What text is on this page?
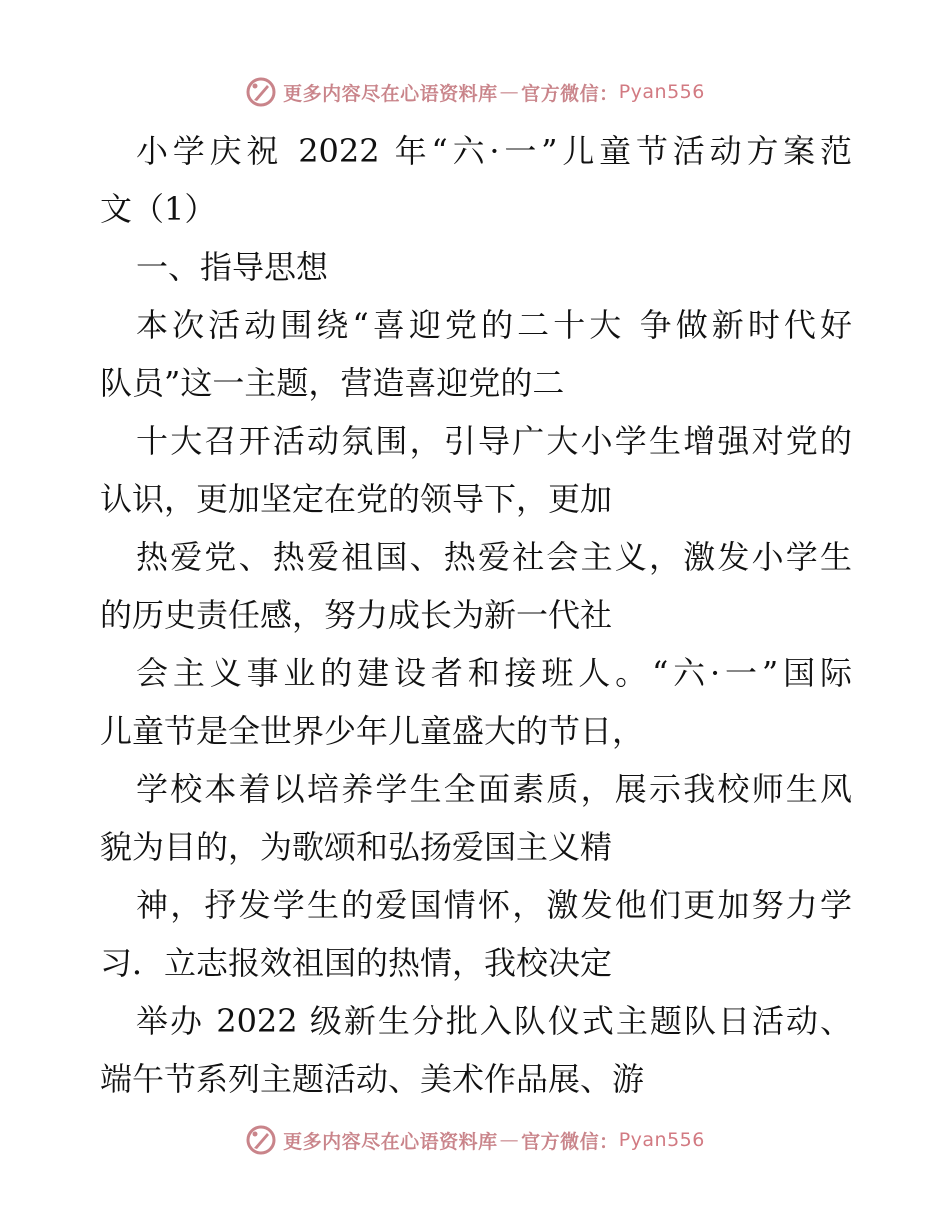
更多内容尽在心语资料库 — 官方微信： Pyan556
小学庆祝 2022 年“六·一”儿童节活动方案范
文（1）
一、指导思想
本次活动围绕“喜迎党的二十大 争做新时代好
队员”这一主题，营造喜迎党的二
十大召开活动氛围，引导广大小学生增强对党的
认识，更加坚定在党的领导下，更加
热爱党、热爱祖国、热爱社会主义，激发小学生
的历史责任感，努力成长为新一代社
会主义事业的建设者和接班人。“六·一”国际
儿童节是全世界少年儿童盛大的节日，
学校本着以培养学生全面素质，展示我校师生风
貌为目的，为歌颂和弘扬爱国主义精
神，抒发学生的爱国情怀，激发他们更加努力学
习．立志报效祖国的热情，我校决定
举办 2022 级新生分批入队仪式主题队日活动、
端午节系列主题活动、美术作品展、游
更多内容尽在心语资料库 — 官方微信： Pyan556
